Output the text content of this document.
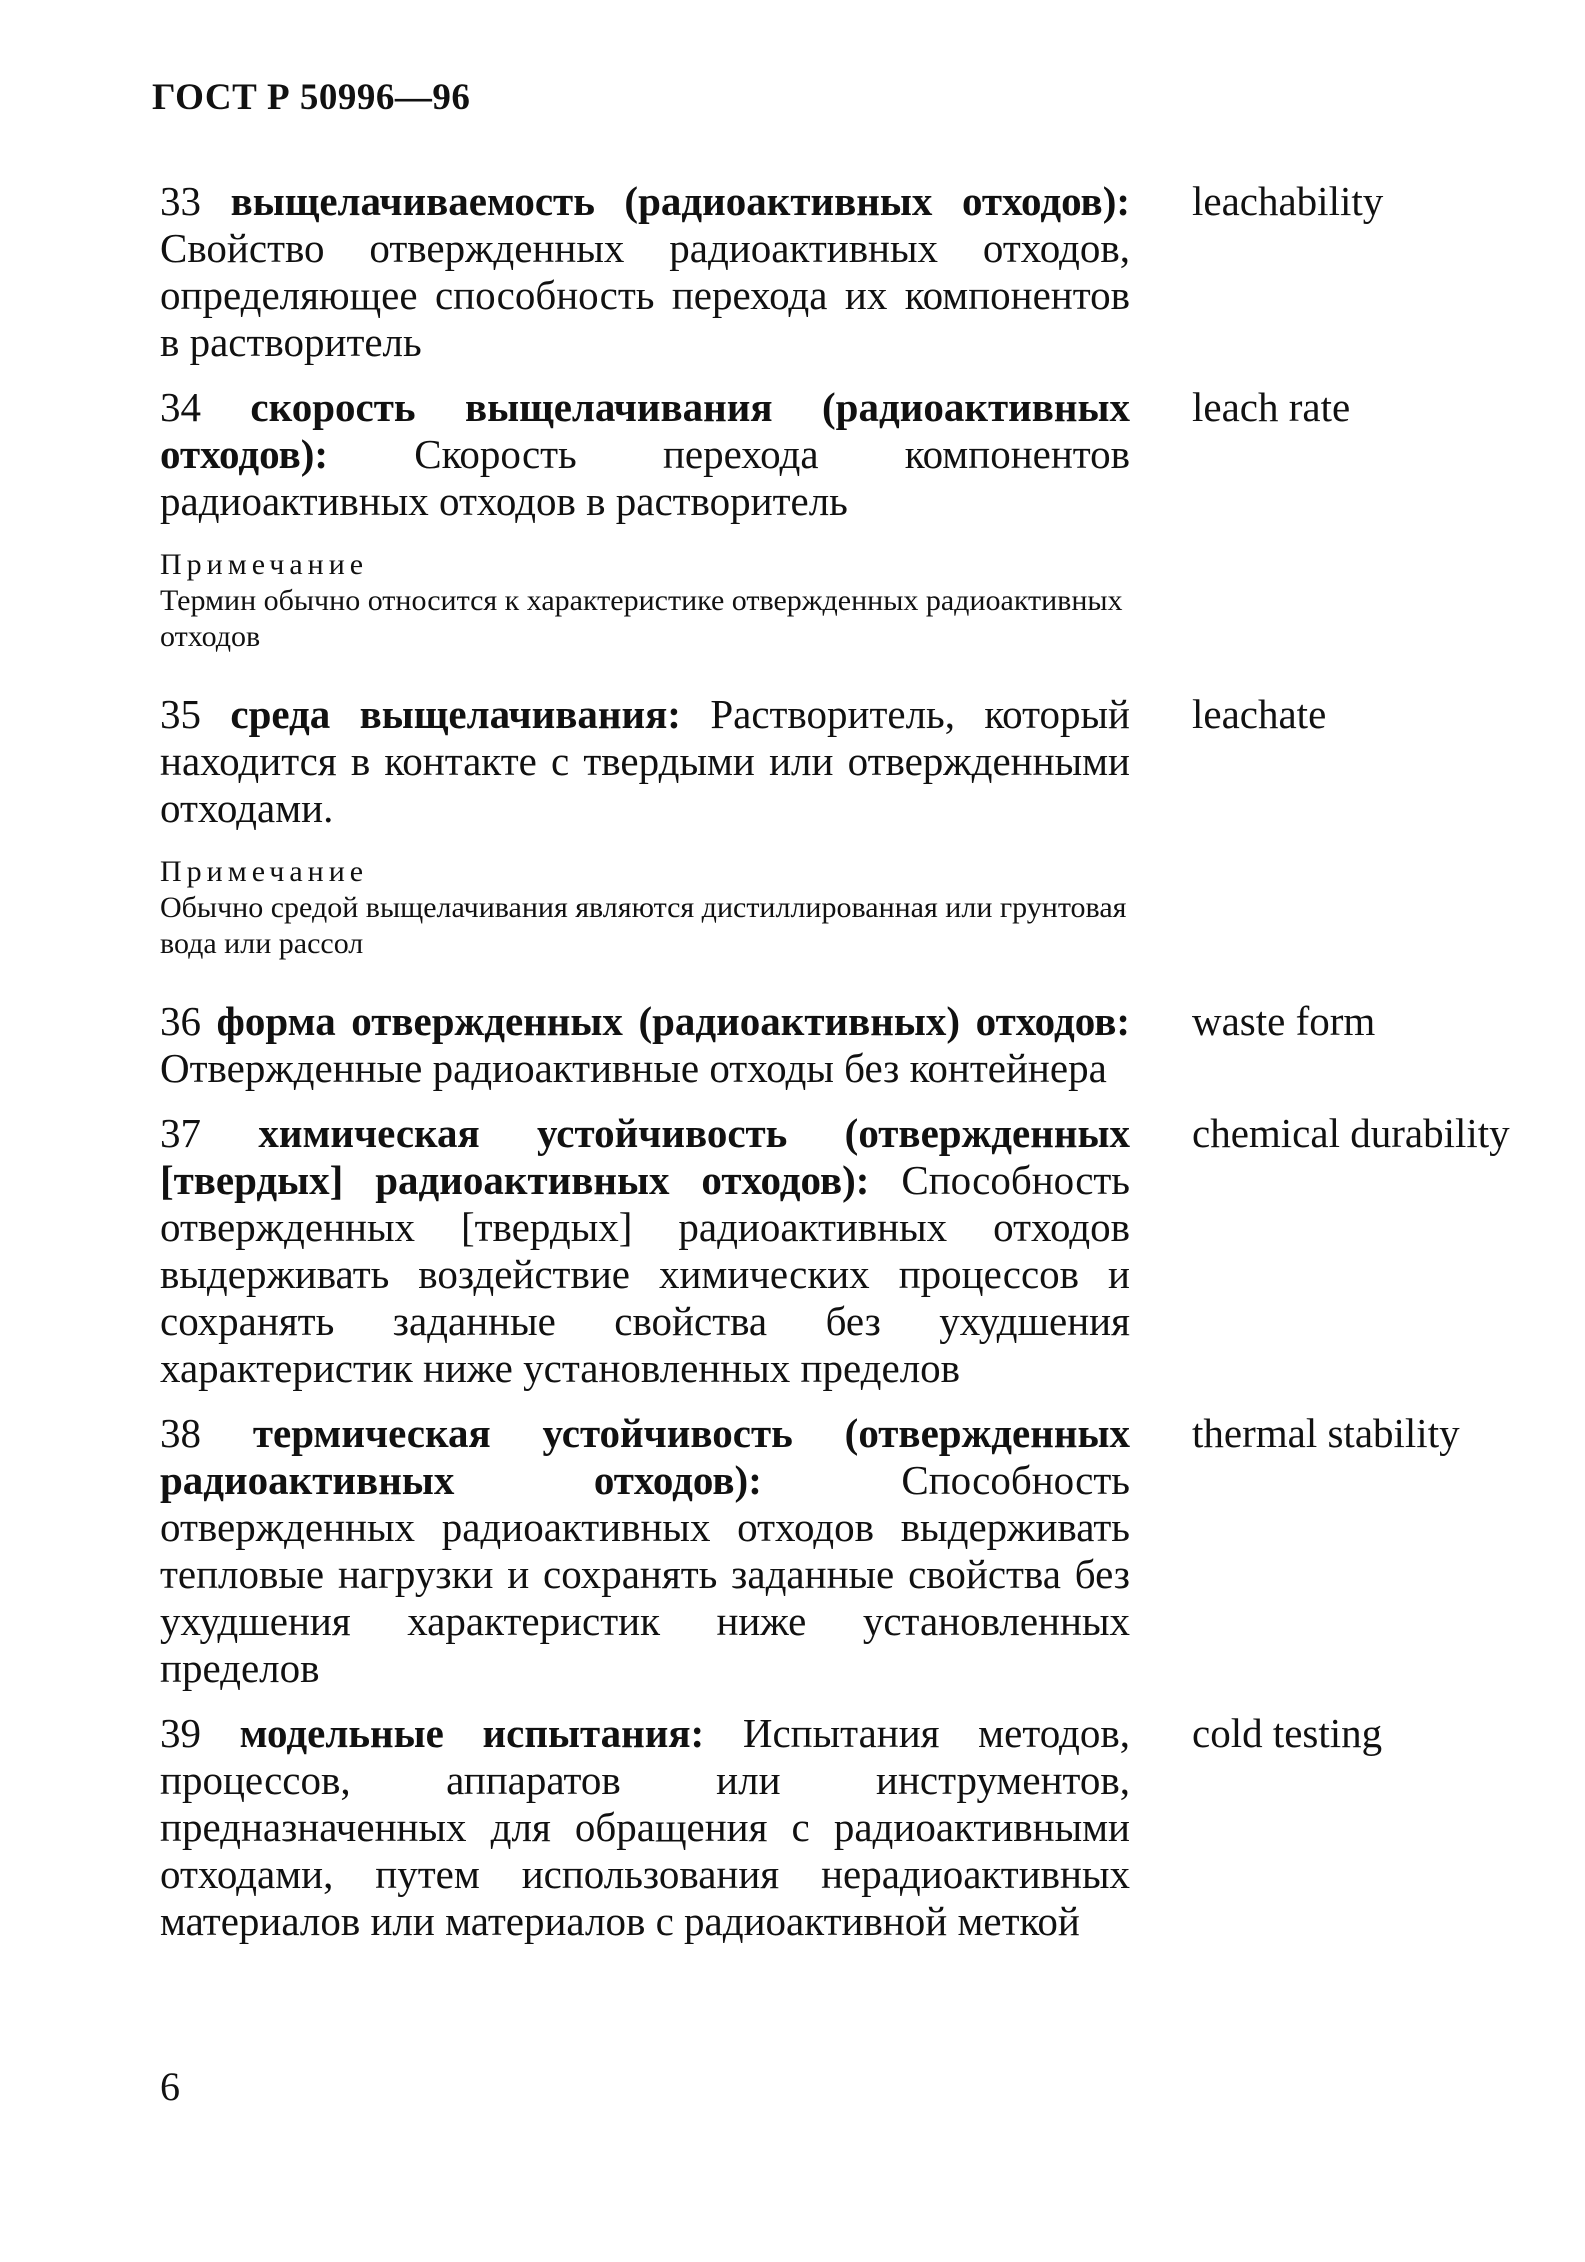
ГОСТ Р 50996—96
33 выщелачиваемость (радиоактивных отходов): Свойство отвержденных радиоактивных отходов, определяющее способность перехода их компонентов в растворитель
leachability
34 скорость выщелачивания (радиоактивных отходов): Скорость перехода компонентов радиоактивных отходов в растворитель
leach rate
Примечание
Термин обычно относится к характеристике отвержденных радиоактивных отходов
35 среда выщелачивания: Растворитель, который находится в контакте с твердыми или отвержденными отходами.
leachate
Примечание
Обычно средой выщелачивания являются дистиллированная или грунтовая вода или рассол
36 форма отвержденных (радиоактивных) отходов: Отвержденные радиоактивные отходы без контейнера
waste form
37 химическая устойчивость (отвержденных [твердых] радиоактивных отходов): Способность отвержденных [твердых] радиоактивных отходов выдерживать воздействие химических процессов и сохранять заданные свойства без ухудшения характеристик ниже установленных пределов
chemical durability
38 термическая устойчивость (отвержденных радиоактивных отходов):	Способность отвержденных радиоактивных отходов выдерживать тепловые нагрузки и сохранять заданные свойства без ухудшения характеристик ниже установленных пределов
thermal stability
39 модельные испытания: Испытания методов, процессов, аппаратов или инструментов, предназначенных для обращения с радиоактивными отходами, путем использования нерадиоактивных материалов или материалов с радиоактивной меткой
cold testing
6
